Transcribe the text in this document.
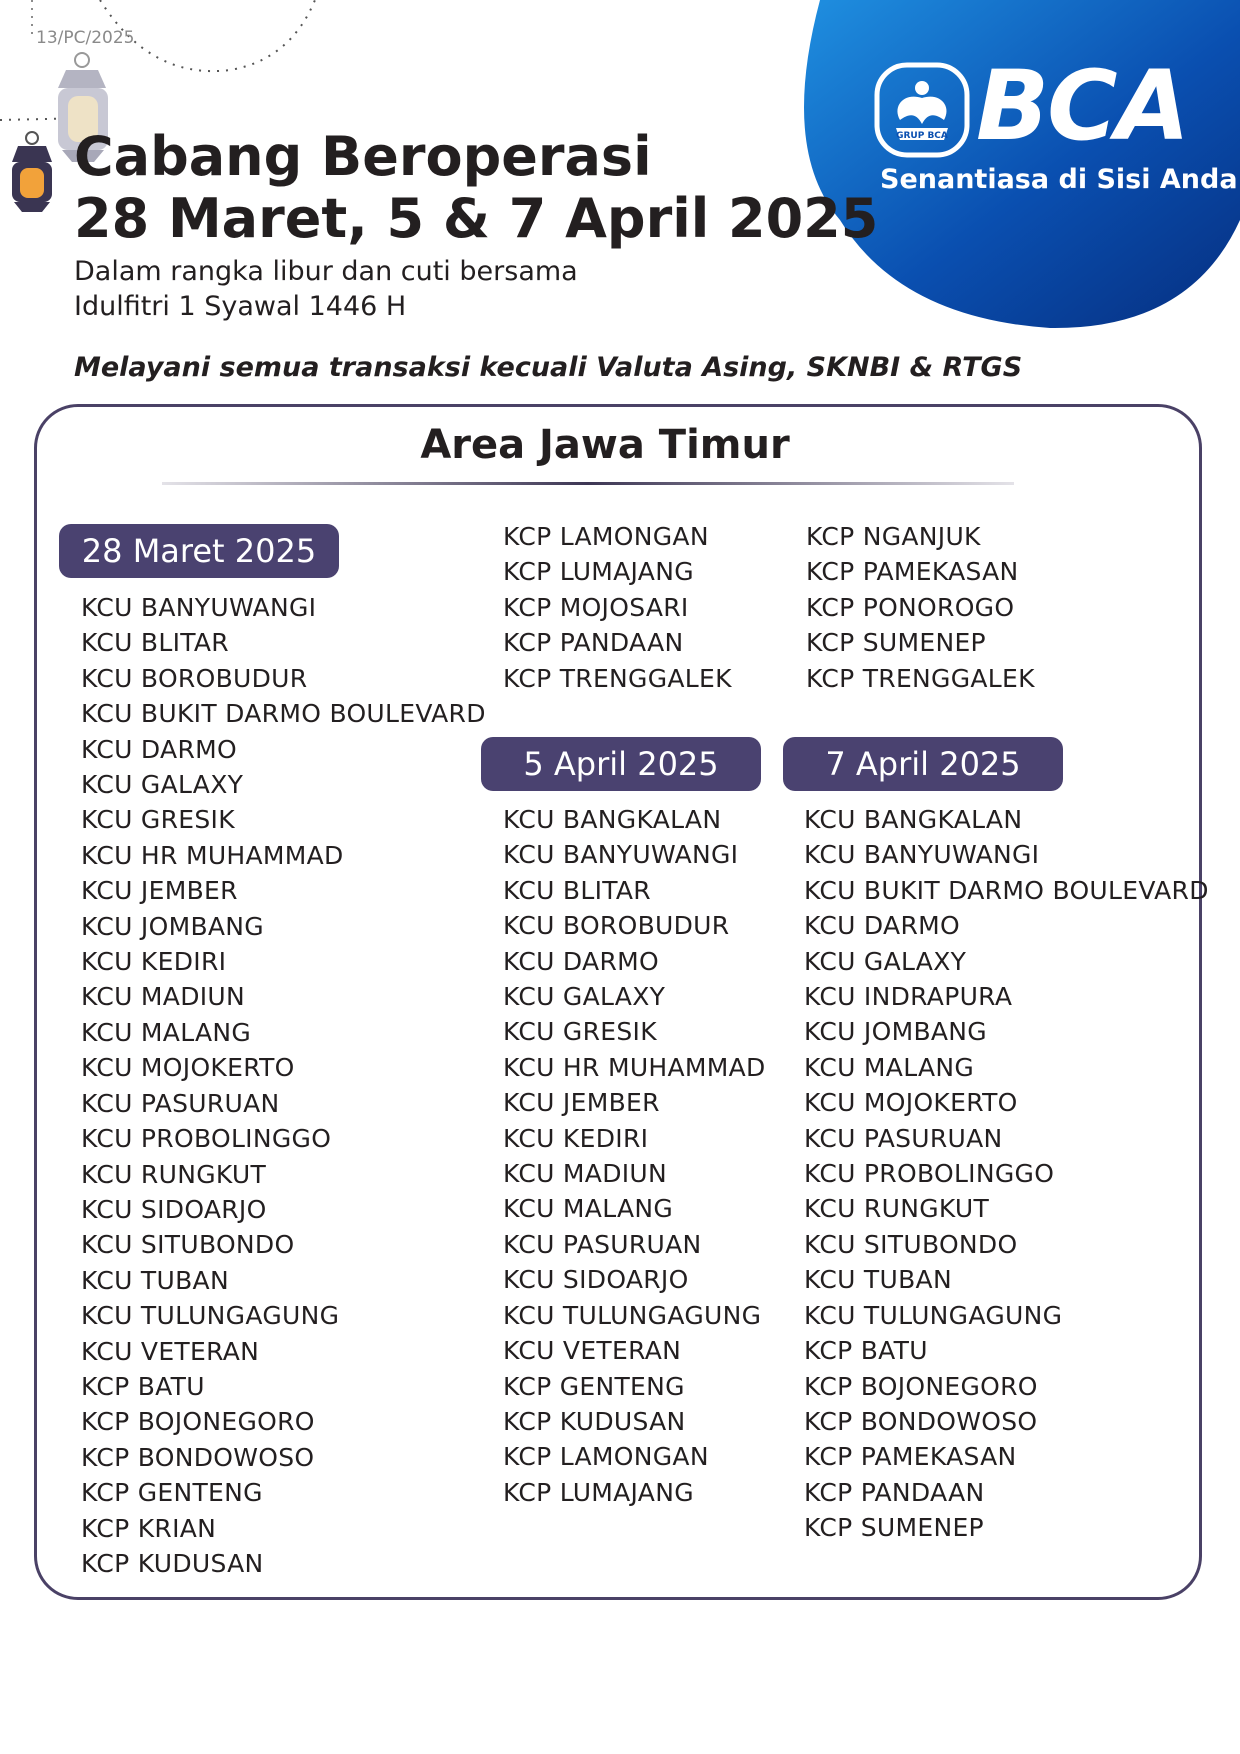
13/PC/2025
GRUP BCA BCA
Senantiasa di Sisi Anda
Cabang Beroperasi
28 Maret, 5 & 7 April 2025
Dalam rangka libur dan cuti bersama
Idulfitri 1 Syawal 1446 H
Melayani semua transaksi kecuali Valuta Asing, SKNBI & RTGS
Area Jawa Timur
28 Maret 2025
KCU BANYUWANGI
KCU BLITAR
KCU BOROBUDUR
KCU BUKIT DARMO BOULEVARD
KCU DARMO
KCU GALAXY
KCU GRESIK
KCU HR MUHAMMAD
KCU JEMBER
KCU JOMBANG
KCU KEDIRI
KCU MADIUN
KCU MALANG
KCU MOJOKERTO
KCU PASURUAN
KCU PROBOLINGGO
KCU RUNGKUT
KCU SIDOARJO
KCU SITUBONDO
KCU TUBAN
KCU TULUNGAGUNG
KCU VETERAN
KCP BATU
KCP BOJONEGORO
KCP BONDOWOSO
KCP GENTENG
KCP KRIAN
KCP KUDUSAN
KCP LAMONGAN
KCP LUMAJANG
KCP MOJOSARI
KCP PANDAAN
KCP TRENGGALEK
KCP NGANJUK
KCP PAMEKASAN
KCP PONOROGO
KCP SUMENEP
KCP TRENGGALEK
5 April 2025
KCU BANGKALAN
KCU BANYUWANGI
KCU BLITAR
KCU BOROBUDUR
KCU DARMO
KCU GALAXY
KCU GRESIK
KCU HR MUHAMMAD
KCU JEMBER
KCU KEDIRI
KCU MADIUN
KCU MALANG
KCU PASURUAN
KCU SIDOARJO
KCU TULUNGAGUNG
KCU VETERAN
KCP GENTENG
KCP KUDUSAN
KCP LAMONGAN
KCP LUMAJANG
7 April 2025
KCU BANGKALAN
KCU BANYUWANGI
KCU BUKIT DARMO BOULEVARD
KCU DARMO
KCU GALAXY
KCU INDRAPURA
KCU JOMBANG
KCU MALANG
KCU MOJOKERTO
KCU PASURUAN
KCU PROBOLINGGO
KCU RUNGKUT
KCU SITUBONDO
KCU TUBAN
KCU TULUNGAGUNG
KCP BATU
KCP BOJONEGORO
KCP BONDOWOSO
KCP PAMEKASAN
KCP PANDAAN
KCP SUMENEP
